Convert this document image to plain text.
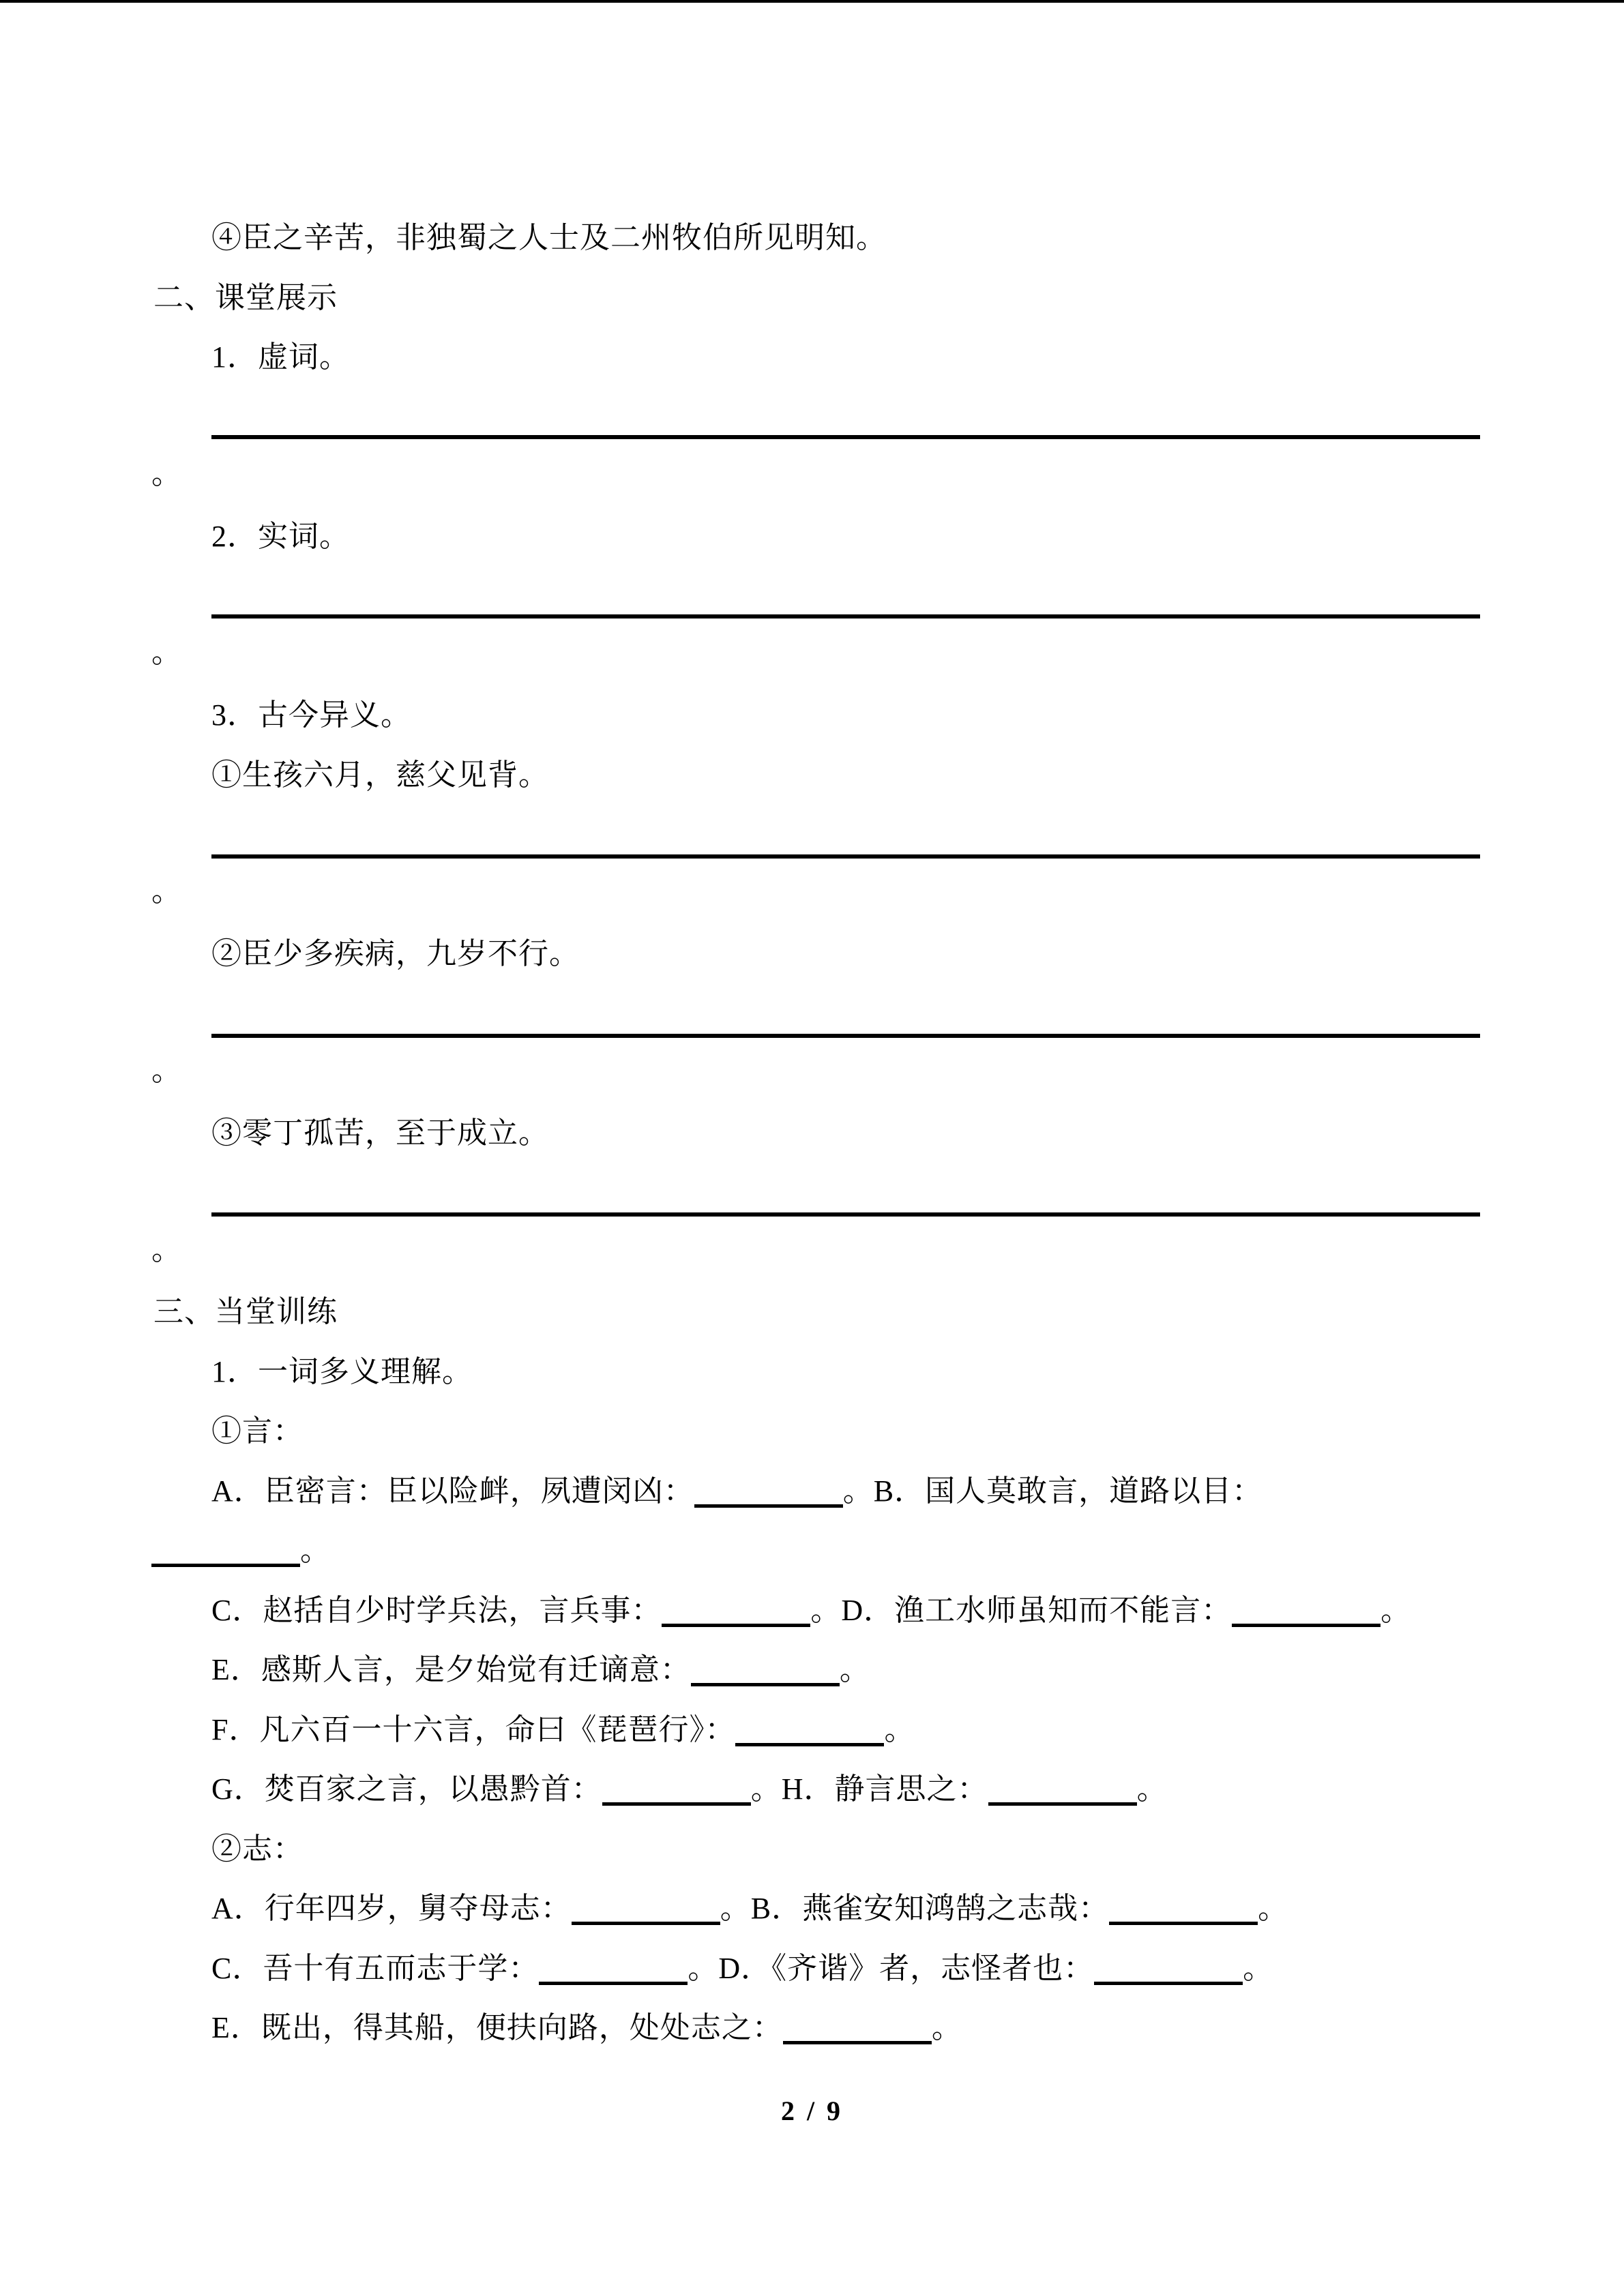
④臣之辛苦，非独蜀之人士及二州牧伯所见明知。
二、课堂展示
1．虚词。
。
2．实词。
。
3．古今异义。
①生孩六月，慈父见背。
。
②臣少多疾病，九岁不行。
。
③零丁孤苦，至于成立。
。
三、当堂训练
1．一词多义理解。
①言：
A．臣密言：臣以险衅，夙遭闵凶：	。B．国人莫敢言，道路以目：
。
C．赵括自少时学兵法，言兵事：	。D．渔工水师虽知而不能言：	。
E．感斯人言，是夕始觉有迁谪意：	。
F．凡六百一十六言，命曰《琵琶行》：	。
G．焚百家之言，以愚黔首：	。H．静言思之：	。
②志：
A．行年四岁，舅夺母志：	。B．燕雀安知鸿鹄之志哉：	。
C．吾十有五而志于学：	。D．《齐谐》者，志怪者也：	。
E．既出，得其船，便扶向路，处处志之：	。
2 / 9
